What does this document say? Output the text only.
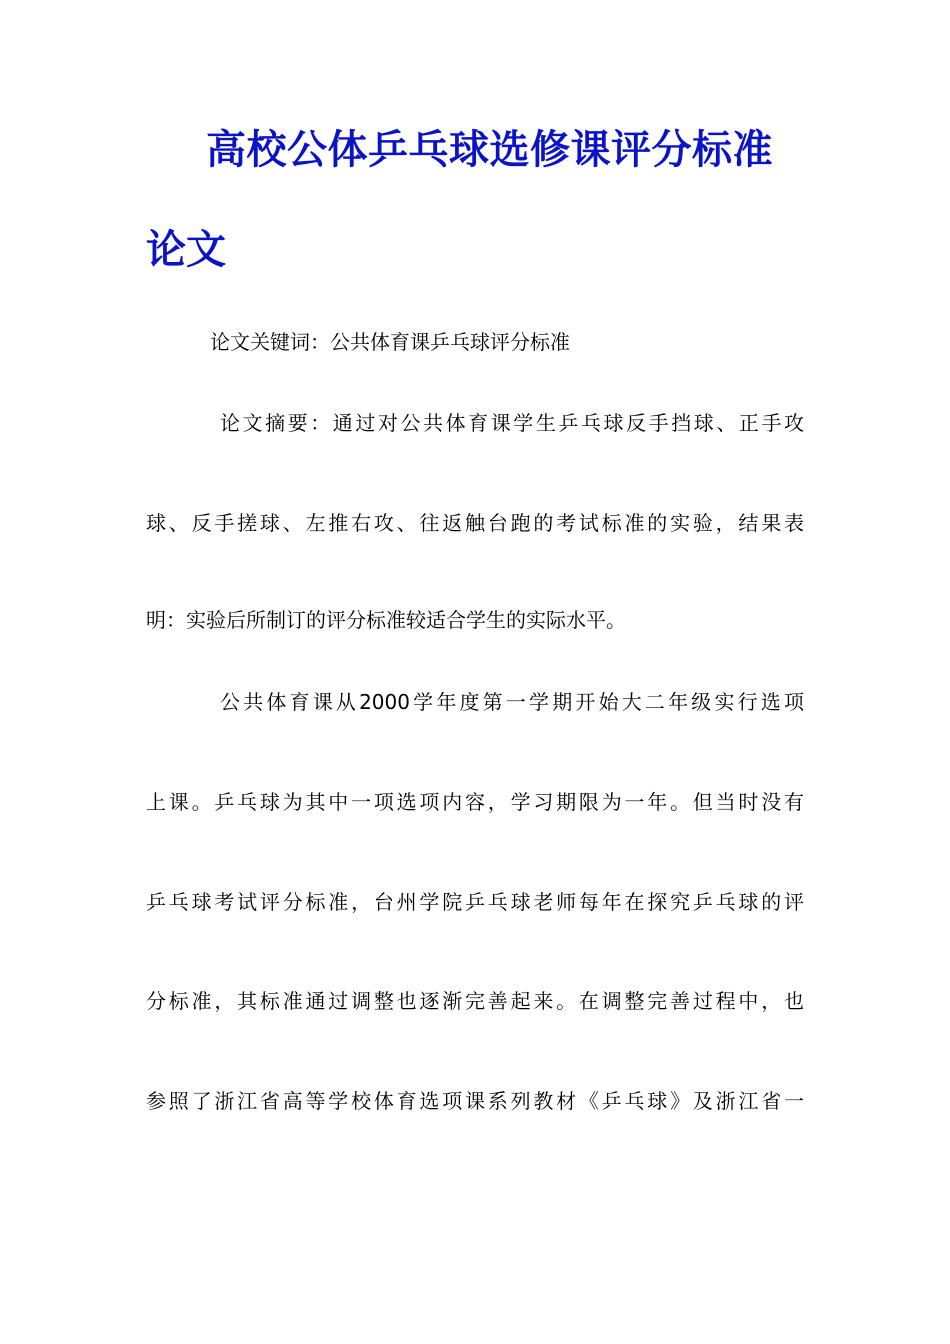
高校公体乒乓球选修课评分标准
论文
论文关键词：公共体育课乒乓球评分标准
论文摘要：通过对公共体育课学生乒乓球反手挡球、正手攻
球、反手搓球、左推右攻、往返触台跑的考试标准的实验，结果表
明：实验后所制订的评分标准较适合学生的实际水平。
公共体育课从2000学年度第一学期开始大二年级实行选项
上课。乒乓球为其中一项选项内容，学习期限为一年。但当时没有
乒乓球考试评分标准，台州学院乒乓球老师每年在探究乒乓球的评
分标准，其标准通过调整也逐渐完善起来。在调整完善过程中，也
参照了浙江省高等学校体育选项课系列教材《乒乓球》及浙江省一
